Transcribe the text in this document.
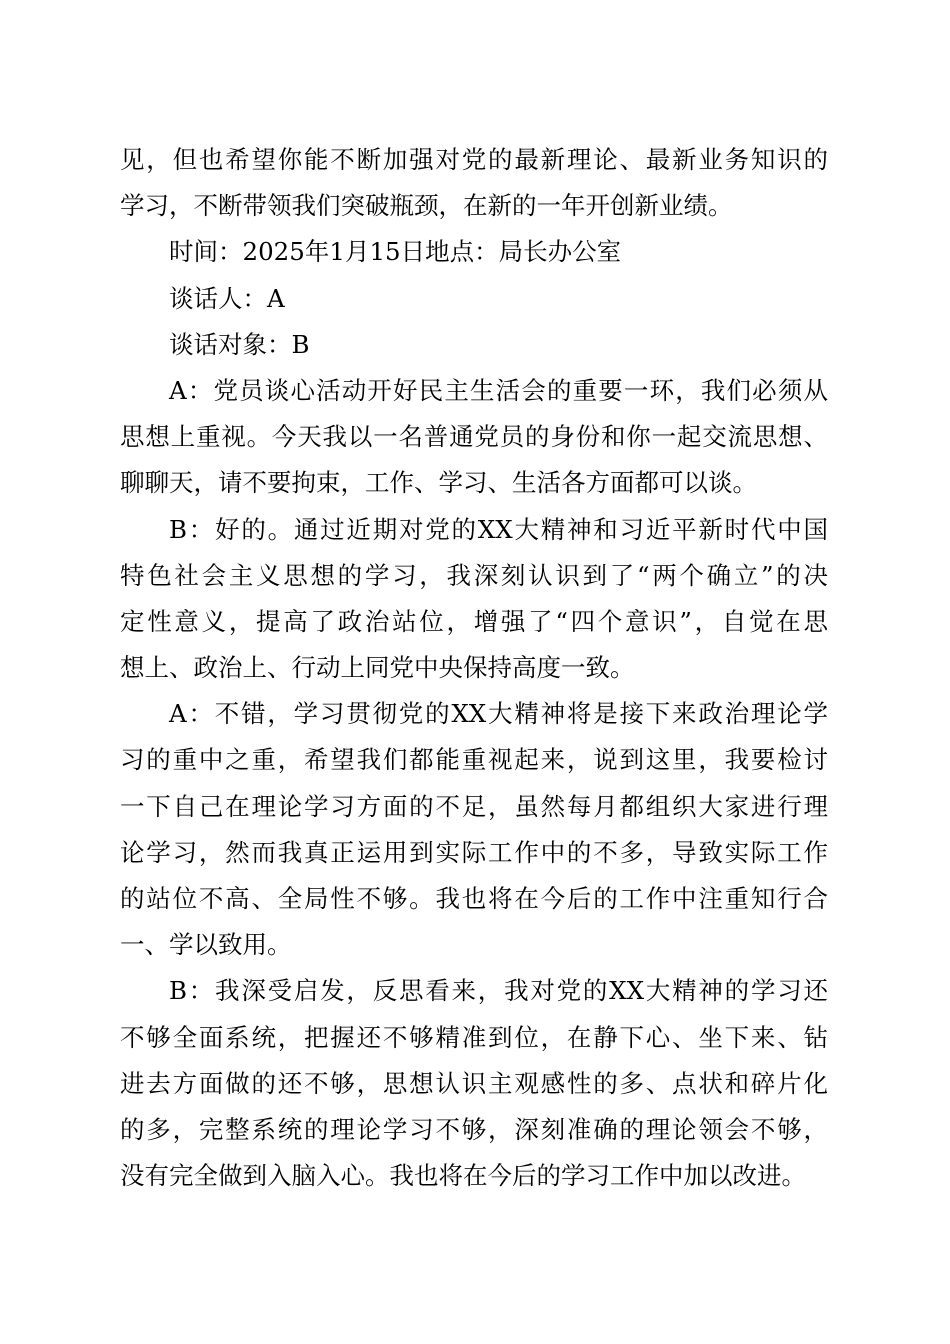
见，但也希望你能不断加强对党的最新理论、最新业务知识的
学习，不断带领我们突破瓶颈，在新的一年开创新业绩。
时间：2025年1月15日地点：局长办公室
谈话人：A
谈话对象：B
A：党员谈心活动开好民主生活会的重要一环，我们必须从
思想上重视。今天我以一名普通党员的身份和你一起交流思想、
聊聊天，请不要拘束，工作、学习、生活各方面都可以谈。
B：好的。通过近期对党的XX大精神和习近平新时代中国
特色社会主义思想的学习，我深刻认识到了“两个确立”的决
定性意义，提高了政治站位，增强了“四个意识”，自觉在思
想上、政治上、行动上同党中央保持高度一致。
A：不错，学习贯彻党的XX大精神将是接下来政治理论学
习的重中之重，希望我们都能重视起来，说到这里，我要检讨
一下自己在理论学习方面的不足，虽然每月都组织大家进行理
论学习，然而我真正运用到实际工作中的不多，导致实际工作
的站位不高、全局性不够。我也将在今后的工作中注重知行合
一、学以致用。
B：我深受启发，反思看来，我对党的XX大精神的学习还
不够全面系统，把握还不够精准到位，在静下心、坐下来、钻
进去方面做的还不够，思想认识主观感性的多、点状和碎片化
的多，完整系统的理论学习不够，深刻准确的理论领会不够，
没有完全做到入脑入心。我也将在今后的学习工作中加以改进。
